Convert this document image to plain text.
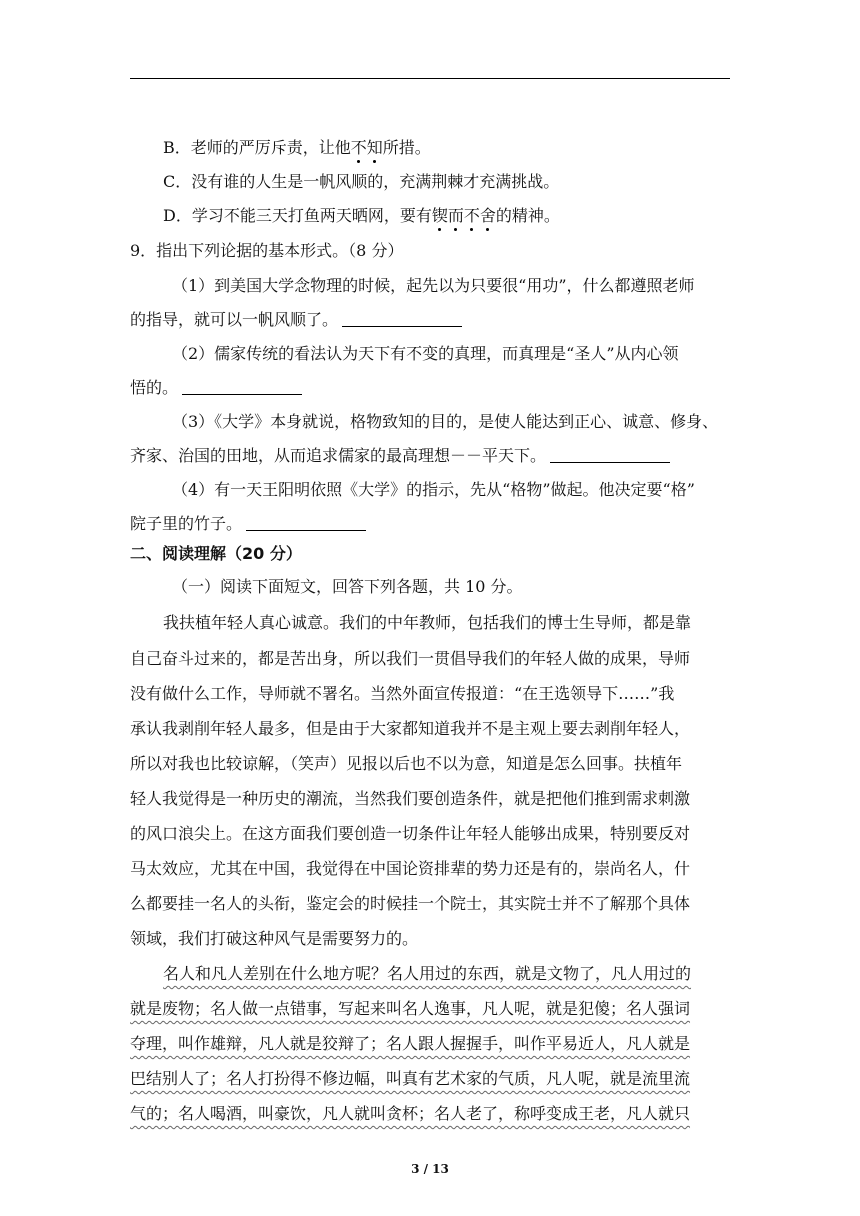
B．老师的严厉斥责，让他不知所措。
C．没有谁的人生是一帆风顺的，充满荆棘才充满挑战。
D．学习不能三天打鱼两天晒网，要有锲而不舍的精神。
9．指出下列论据的基本形式。（8 分）
（1）到美国大学念物理的时候，起先以为只要很“用功”，什么都遵照老师
的指导，就可以一帆风顺了。
（2）儒家传统的看法认为天下有不变的真理，而真理是“圣人”从内心领
悟的。
（3）《大学》本身就说，格物致知的目的，是使人能达到正心、诚意、修身、
齐家、治国的田地，从而追求儒家的最高理想－－平天下。
（4）有一天王阳明依照《大学》的指示，先从“格物”做起。他决定要“格”
院子里的竹子。
二、阅读理解（20 分）
（一）阅读下面短文，回答下列各题，共 10 分。
我扶植年轻人真心诚意。我们的中年教师，包括我们的博士生导师，都是靠
自己奋斗过来的，都是苦出身，所以我们一贯倡导我们的年轻人做的成果，导师
没有做什么工作，导师就不署名。当然外面宣传报道：“在王选领导下……”我
承认我剥削年轻人最多，但是由于大家都知道我并不是主观上要去剥削年轻人，
所以对我也比较谅解，（笑声）见报以后也不以为意，知道是怎么回事。扶植年
轻人我觉得是一种历史的潮流，当然我们要创造条件，就是把他们推到需求刺激
的风口浪尖上。在这方面我们要创造一切条件让年轻人能够出成果，特别要反对
马太效应，尤其在中国，我觉得在中国论资排辈的势力还是有的，崇尚名人，什
么都要挂一名人的头衔，鉴定会的时候挂一个院士，其实院士并不了解那个具体
领域，我们打破这种风气是需要努力的。
名人和凡人差别在什么地方呢？名人用过的东西，就是文物了，凡人用过的
就是废物；名人做一点错事，写起来叫名人逸事，凡人呢，就是犯傻；名人强词
夺理，叫作雄辩，凡人就是狡辩了；名人跟人握握手，叫作平易近人，凡人就是
巴结别人了；名人打扮得不修边幅，叫真有艺术家的气质，凡人呢，就是流里流
气的；名人喝酒，叫豪饮，凡人就叫贪杯；名人老了，称呼变成王老，凡人就只
3 / 13
